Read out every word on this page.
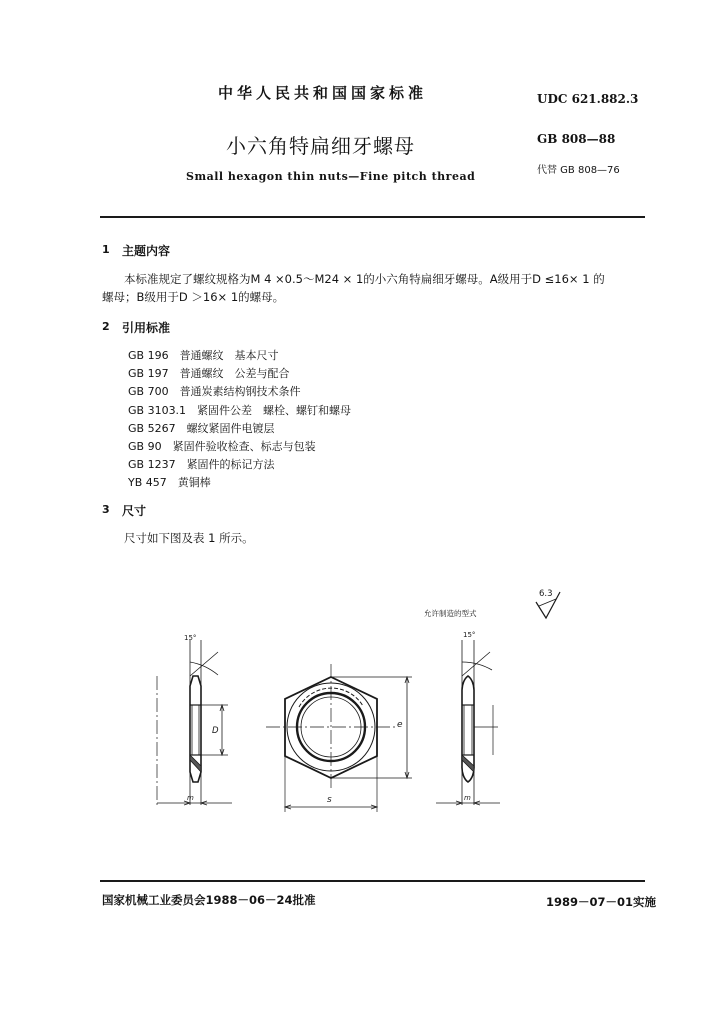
中华人民共和国国家标准	UDC 621.882.3
小六角特扁细牙螺母	GB 808—88
代替 GB 808—76
Small hexagon thin nuts—Fine pitch thread
1 主题内容
本标准规定了螺纹规格为M 4 ×0.5～M24 × 1的小六角特扁细牙螺母。A级用于D ≤16× 1 的
螺母；B级用于D ＞16× 1的螺母。
2 引用标准
GB 196　 普通螺纹　基本尺寸
GB 197　 普通螺纹　公差与配合
GB 700　 普通炭素结构钢技术条件
GB 3103.1　 紧固件公差　螺栓、螺钉和螺母
GB 5267　 螺纹紧固件电镀层
GB 90　 紧固件验收检查、标志与包装
GB 1237　 紧固件的标记方法
YB 457　 黄铜棒
3 尺寸
尺寸如下图及表 1 所示。
6.3
允许制造的型式
15°	15°
D
e
s
m	m
国家机械工业委员会1988－06－24批准	1989－07－01实施
